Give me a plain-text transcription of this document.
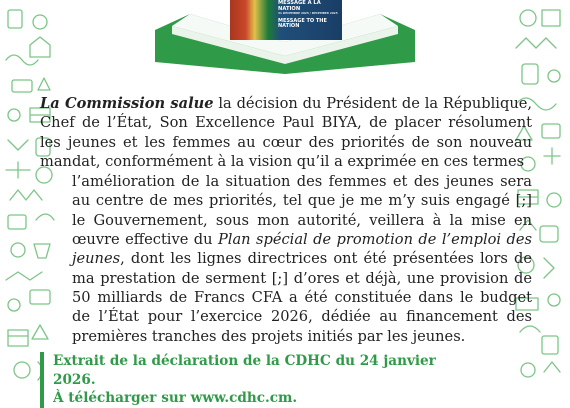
MESSAGE À LA NATION
31 DÉCEMBRE 2025 / DECEMBER 2025
MESSAGE TO THE NATION

La Commission salue la décision du Président de la République, Chef de l’État, Son Excellence Paul BIYA, de placer résolument les jeunes et les femmes au cœur des priorités de son nouveau mandat, conformément à la vision qu’il a exprimée en ces termes

l’amélioration de la situation des femmes et des jeunes sera au centre de mes priorités, tel que je me m’y suis engagé [;] le Gouvernement, sous mon autorité, veillera à la mise en œuvre effective du Plan spécial de promotion de l’emploi des jeunes, dont les lignes directrices ont été présentées lors de ma prestation de serment [;] d’ores et déjà, une provision de 50 milliards de Francs CFA a été constituée dans le budget de l’État pour l’exercice 2026, dédiée au financement des premières tranches des projets initiés par les jeunes.

Extrait de la déclaration de la CDHC du 24 janvier 2026.

À télécharger sur www.cdhc.cm.
